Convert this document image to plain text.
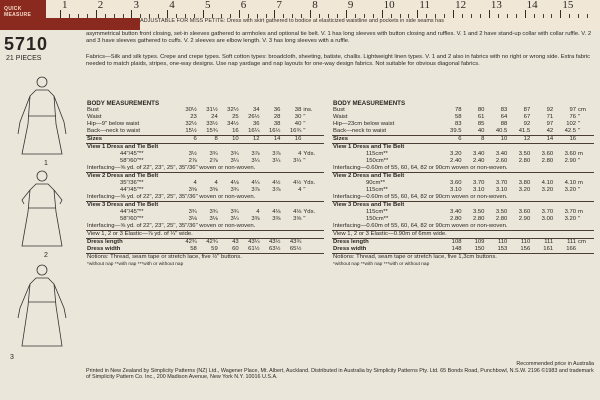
QUICK MEASURE
1	2	3	4	5	6	7	8	9	10 11 12 13 14 15
ADJUSTABLE FOR MISS PETITE: Dress with skirt gathered to bodice at elasticized waistline and pockets in side seams has
5710
21 PIECES
asymmetrical button front closing, set-in sleeves gathered to armholes and optional tie belt. V. 1 has long sleeves with button closing and ruffles. V. 1 and 2 have stand-up collar with collar ruffle. V. 2 and 3 have sleeves gathered to cuffs. V. 2 sleeves are elbow length. V. 3 has long sleeves with a ruffle.
Fabrics—Silk and silk types. Crepe and crepe types. Soft cotton types: broadcloth, sheeting, batiste, challis. Lightweight linen types. V. 1 and 2 also in fabrics with no right or wrong side. Extra fabric needed to match plaids, stripes, one-way designs. Use nap yardage and nap layouts for one-way design fabrics. Not suitable for obvious diagonal fabrics.
1
2
3
BODY MEASUREMENTS							
Bust	30½	31½	32½	34	36	38	ins.
Waist	23	24	25	26½	28	30	"
Hip—9" below waist	32½	33½	34½	36	38	40	"
Back—neck to waist	15½	15¾	16	16¼	16½	16¾	"
Sizes	6	8	10	12	14	16	
View 1 Dress and Tie Belt							
44"/45"**	3½	3¾	3¾	3⅞	3⅞	4	Yds.
58"/60"**	2⅞	2⅞	3¼	3¼	3¼	3¼	"
Interfacing—⅝ yd. of 22", 23", 25", 35"/36" woven or non-woven.							
View 2 Dress and Tie Belt							
35"/36"**	4	4	4⅛	4¼	4½	4½	Yds.
44"/45"**	3⅝	3⅝	3¾	3⅞	3⅞	4	"
Interfacing—⅝ yd. of 22", 23", 25", 35"/36" woven or non-woven.							
View 3 Dress and Tie Belt							
44"/45"**	3¾	3¾	3¾	4	4⅛	4⅛	Yds.
58"/60"**	3⅛	3⅛	3¼	3⅜	3⅜	3⅝	"
Interfacing—⅝ yd. of 22", 23", 25", 35"/36" woven or non-woven.							
View 1, 2 or 3 Elastic—⅞ yd. of ¼" wide.							
Dress length	42¾	42¾	43	43¼	43½	43¾	
Dress width	58	59	60	61½	63½	65½	
Notions: Thread, seam tape or stretch lace, five ½" buttons.							
*without nap **with nap ***with or without nap							
BODY MEASUREMENTS							
Bust	78	80	83	87	92	97	cm
Waist	58	61	64	67	71	76	"
Hip—23cm below waist	83	85	88	92	97	102	"
Back—neck to waist	39.5	40	40.5	41.5	42	42.5	"
Sizes	6	8	10	12	14	16	
View 1 Dress and Tie Belt							
115cm**	3.20	3.40	3.40	3.50	3.60	3.60	m
150cm**	2.40	2.40	2.60	2.80	2.80	2.90	"
Interfacing—0.60m of 55, 60, 64, 82 or 90cm woven or non-woven.							
View 2 Dress and Tie Belt							
90cm**	3.60	3.70	3.70	3.80	4.10	4.10	m
115cm**	3.10	3.10	3.10	3.20	3.20	3.20	"
Interfacing—0.60m of 55, 60, 64, 82 or 90cm woven or non-woven.							
View 3 Dress and Tie Belt							
115cm**	3.40	3.50	3.50	3.60	3.70	3.70	m
150cm**	2.80	2.80	2.80	2.90	3.00	3.20	"
Interfacing—0.60m of 55, 60, 64, 82 or 90cm woven or non-woven.							
View 1, 2 or 3 Elastic—0.90m of 6mm wide.							
Dress length	108	109	110	110	111	111	cm
Dress width	148	150	153	156	161	166	
Notions: Thread, seam tape or stretch lace, five 1,3cm buttons.							
*without nap **with nap ***with or without nap							
Printed in New Zealand by Simplicity Patterns (NZ) Ltd., Wagener Place, Mt. Albert, Auckland. Distributed in Australia by Simplicity Patterns Pty. Ltd. 65 Bonds Road, Punchbowl, N.S.W. 2196 ©1983 and trademark of Simplicity Pattern Co. Inc., 200 Madison Avenue, New York N.Y. 10016 U.S.A.
Recommended price in Australia
